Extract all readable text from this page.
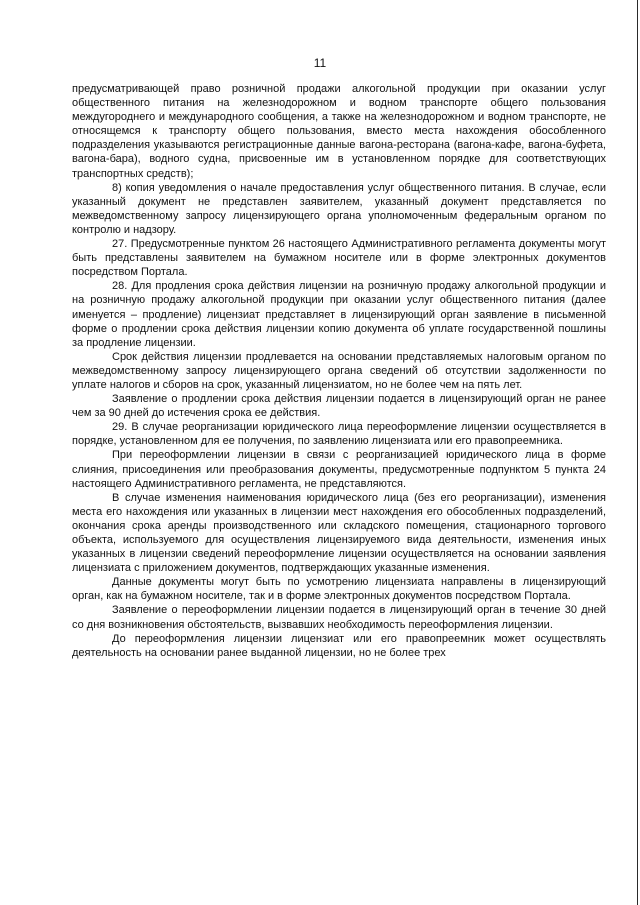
11

предусматривающей право розничной продажи алкогольной продукции при оказании услуг общественного питания на железнодорожном и водном транспорте общего пользования междугороднего и международного сообщения, а также на железнодорожном и водном транспорте, не относящемся к транспорту общего пользования, вместо места нахождения обособленного подразделения указываются регистрационные данные вагона-ресторана (вагона-кафе, вагона-буфета, вагона-бара), водного судна, присвоенные им в установленном порядке для соответствующих транспортных средств);

8) копия уведомления о начале предоставления услуг общественного питания. В случае, если указанный документ не представлен заявителем, указанный документ представляется по межведомственному запросу лицензирующего органа уполномоченным федеральным органом по контролю и надзору.

27. Предусмотренные пунктом 26 настоящего Административного регламента документы могут быть представлены заявителем на бумажном носителе или в форме электронных документов посредством Портала.

28. Для продления срока действия лицензии на розничную продажу алкогольной продукции и на розничную продажу алкогольной продукции при оказании услуг общественного питания (далее именуется – продление) лицензиат представляет в лицензирующий орган заявление в письменной форме о продлении срока действия лицензии копию документа об уплате государственной пошлины за продление лицензии.

Срок действия лицензии продлевается на основании представляемых налоговым органом по межведомственному запросу лицензирующего органа сведений об отсутствии задолженности по уплате налогов и сборов на срок, указанный лицензиатом, но не более чем на пять лет.

Заявление о продлении срока действия лицензии подается в лицензирующий орган не ранее чем за 90 дней до истечения срока ее действия.

29. В случае реорганизации юридического лица переоформление лицензии осуществляется в порядке, установленном для ее получения, по заявлению лицензиата или его правопреемника.

При переоформлении лицензии в связи с реорганизацией юридического лица в форме слияния, присоединения или преобразования документы, предусмотренные подпунктом 5 пункта 24 настоящего Административного регламента, не представляются.

В случае изменения наименования юридического лица (без его реорганизации), изменения места его нахождения или указанных в лицензии мест нахождения его обособленных подразделений, окончания срока аренды производственного или складского помещения, стационарного торгового объекта, используемого для осуществления лицензируемого вида деятельности, изменения иных указанных в лицензии сведений переоформление лицензии осуществляется на основании заявления лицензиата с приложением документов, подтверждающих указанные изменения.

Данные документы могут быть по усмотрению лицензиата направлены в лицензирующий орган, как на бумажном носителе, так и в форме электронных документов посредством Портала.

Заявление о переоформлении лицензии подается в лицензирующий орган в течение 30 дней со дня возникновения обстоятельств, вызвавших необходимость переоформления лицензии.

До переоформления лицензии лицензиат или его правопреемник может осуществлять деятельность на основании ранее выданной лицензии, но не более трех
